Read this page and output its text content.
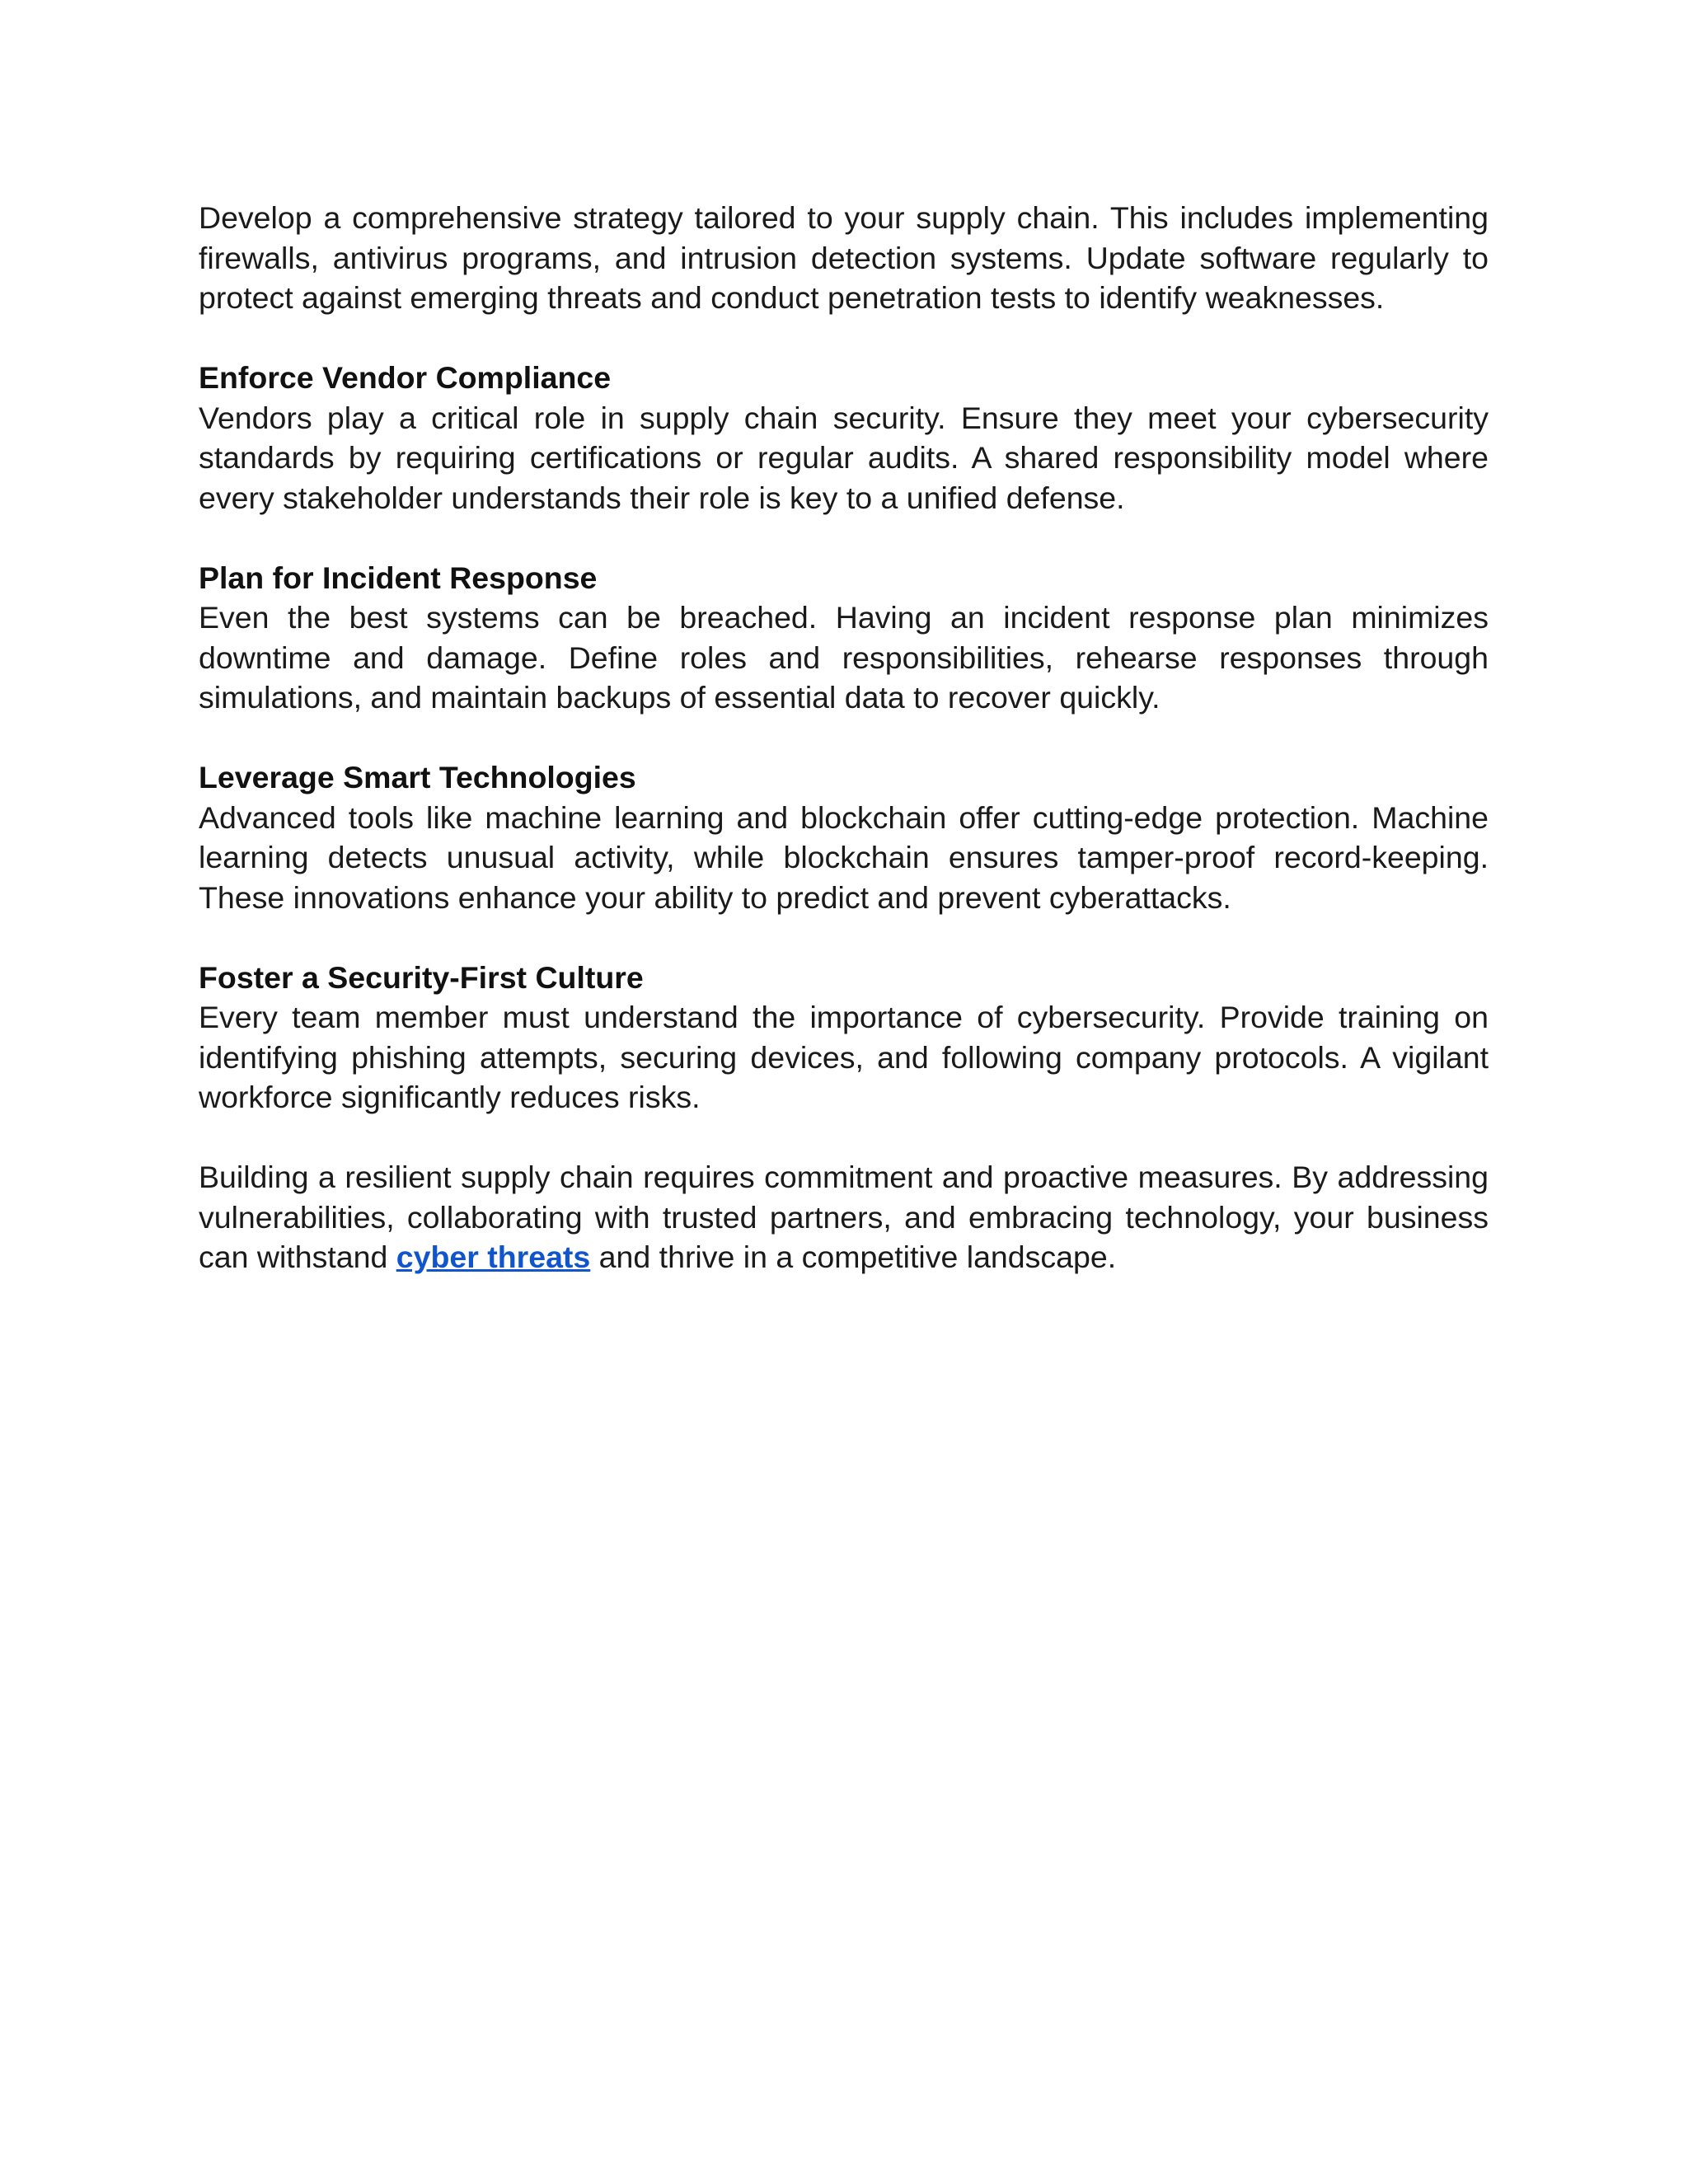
Develop a comprehensive strategy tailored to your supply chain. This includes implementing firewalls, antivirus programs, and intrusion detection systems. Update software regularly to protect against emerging threats and conduct penetration tests to identify weaknesses.

Enforce Vendor Compliance

Vendors play a critical role in supply chain security. Ensure they meet your cybersecurity standards by requiring certifications or regular audits. A shared responsibility model where every stakeholder understands their role is key to a unified defense.

Plan for Incident Response

Even the best systems can be breached. Having an incident response plan minimizes downtime and damage. Define roles and responsibilities, rehearse responses through simulations, and maintain backups of essential data to recover quickly.

Leverage Smart Technologies

Advanced tools like machine learning and blockchain offer cutting-edge protection. Machine learning detects unusual activity, while blockchain ensures tamper-proof record-keeping. These innovations enhance your ability to predict and prevent cyberattacks.

Foster a Security-First Culture

Every team member must understand the importance of cybersecurity. Provide training on identifying phishing attempts, securing devices, and following company protocols. A vigilant workforce significantly reduces risks.

Building a resilient supply chain requires commitment and proactive measures. By addressing vulnerabilities, collaborating with trusted partners, and embracing technology, your business can withstand cyber threats and thrive in a competitive landscape.
